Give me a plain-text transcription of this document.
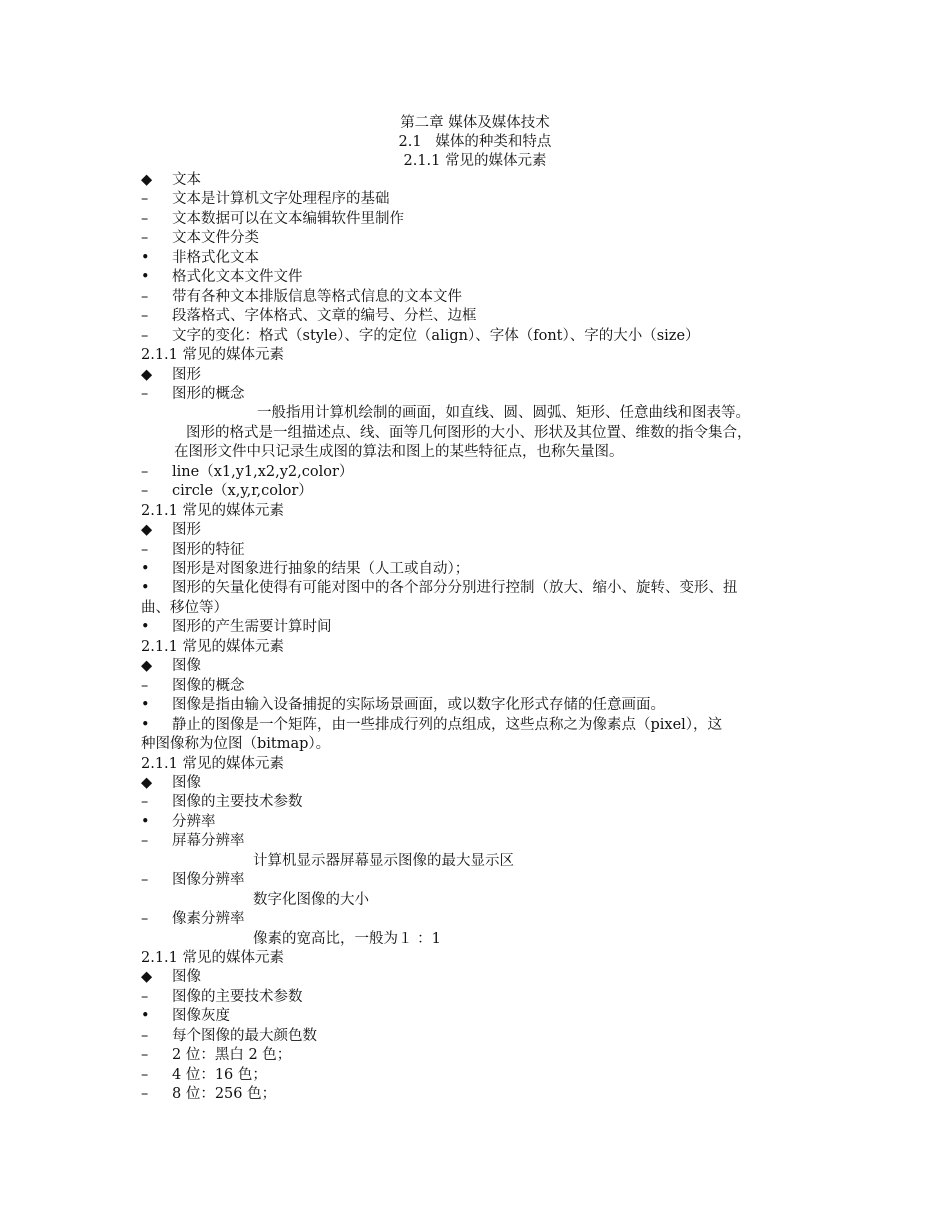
第二章 媒体及媒体技术
2.1   媒体的种类和特点
2.1.1 常见的媒体元素
◆	文本
–	文本是计算机文字处理程序的基础
–	文本数据可以在文本编辑软件里制作
–	文本文件分类
•	非格式化文本
•	格式化文本文件文件
–	带有各种文本排版信息等格式信息的文本文件
–	段落格式、字体格式、文章的编号、分栏、边框
–	文字的变化：格式（style）、字的定位（align）、字体（font）、字的大小（size）
2.1.1 常见的媒体元素
◆	图形
–	图形的概念
一般指用计算机绘制的画面，如直线、圆、圆弧、矩形、任意曲线和图表等。
图形的格式是一组描述点、线、面等几何图形的大小、形状及其位置、维数的指令集合，
在图形文件中只记录生成图的算法和图上的某些特征点，也称矢量图。
–	line（x1,y1,x2,y2,color）
–	circle（x,y,r,color）
2.1.1 常见的媒体元素
◆	图形
–	图形的特征
•	图形是对图象进行抽象的结果（人工或自动）；
•	图形的矢量化使得有可能对图中的各个部分分别进行控制（放大、缩小、旋转、变形、扭
曲、移位等）
•	图形的产生需要计算时间
2.1.1 常见的媒体元素
◆	图像
–	图像的概念
•	图像是指由输入设备捕捉的实际场景画面，或以数字化形式存储的任意画面。
•	静止的图像是一个矩阵，由一些排成行列的点组成，这些点称之为像素点（pixel），这
种图像称为位图（bitmap）。
2.1.1 常见的媒体元素
◆	图像
–	图像的主要技术参数
•	分辨率
–	屏幕分辨率
计算机显示器屏幕显示图像的最大显示区
–	图像分辨率
数字化图像的大小
–	像素分辨率
像素的宽高比，一般为１ ：1
2.1.1 常见的媒体元素
◆	图像
–	图像的主要技术参数
•	图像灰度
–	每个图像的最大颜色数
–	2 位：黑白 2 色；
–	4 位：16 色；
–	8 位：256 色；
